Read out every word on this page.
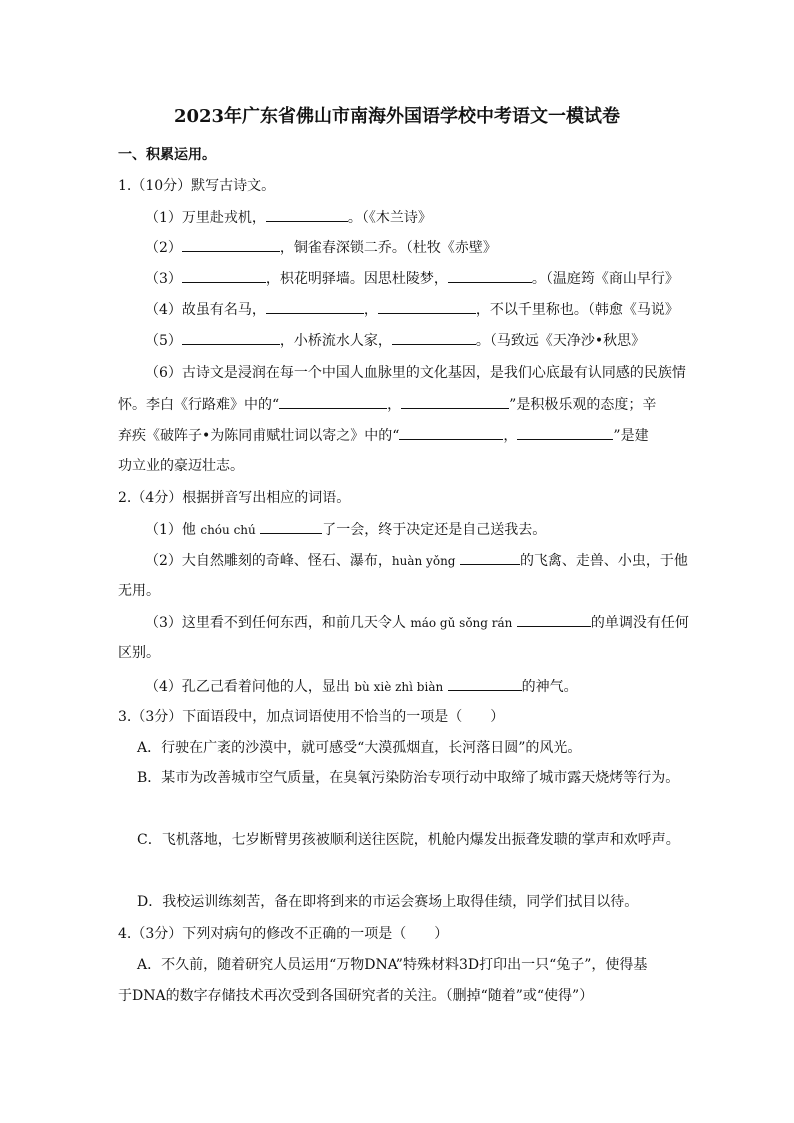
2023年广东省佛山市南海外国语学校中考语文一模试卷
一、积累运用。
1.（10分）默写古诗文。
（1）万里赴戎机，	。（《木兰诗》
（2）	，铜雀春深锁二乔。（杜牧《赤壁》
（3）	，枳花明驿墙。因思杜陵梦，	。（温庭筠《商山早行》
（4）故虽有名马，	，	，不以千里称也。（韩愈《马说》
（5）	，小桥流水人家，	。（马致远《天净沙•秋思》
（6）古诗文是浸润在每一个中国人血脉里的文化基因，是我们心底最有认同感的民族情
怀。李白《行路难》中的“	，	”是积极乐观的态度；辛
弃疾《破阵子•为陈同甫赋壮词以寄之》中的“	，	”是建
功立业的豪迈壮志。
2.（4分）根据拼音写出相应的词语。
（1）他 chóu chú	了一会，终于决定还是自己送我去。
（2）大自然雕刻的奇峰、怪石、瀑布，huàn yǒng	的飞禽、走兽、小虫，于他
无用。
（3）这里看不到任何东西，和前几天令人 máo gǔ sǒng rán	的单调没有任何
区别。
（4）孔乙己看着问他的人，显出 bù xiè zhì biàn	的神气。
3.（3分）下面语段中，加点词语使用不恰当的一项是（　　）
A．行驶在广袤的沙漠中，就可感受“大漠孤烟直，长河落日圆”的风光。
B．某市为改善城市空气质量，在臭氧污染防治专项行动中取缔了城市露天烧烤等行为。
C．飞机落地，七岁断臂男孩被顺利送往医院，机舱内爆发出振聋发聩的掌声和欢呼声。
D．我校运训练刻苦，备在即将到来的市运会赛场上取得佳绩，同学们拭目以待。
4.（3分）下列对病句的修改不正确的一项是（　　）
A．不久前，随着研究人员运用“万物DNA”特殊材料3D打印出一只“兔子”，使得基
于DNA的数字存储技术再次受到各国研究者的关注。（删掉“随着”或“使得”）
